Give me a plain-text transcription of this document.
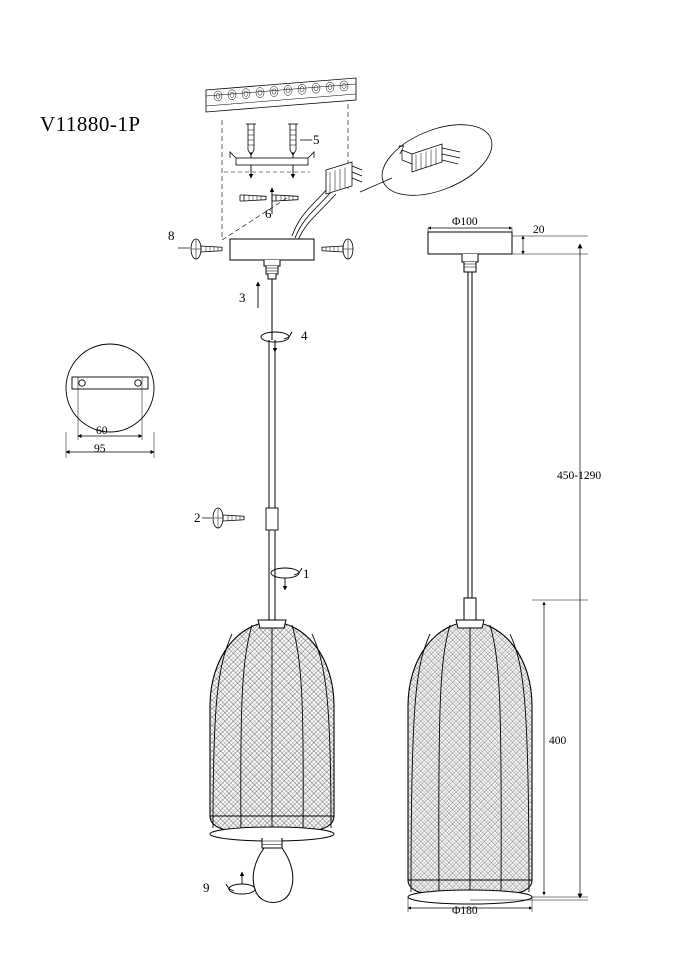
V11880-1P
1
2
3
4
5
6
7
8
9
Φ100
20
450-1290
400
Φ180
60
95
